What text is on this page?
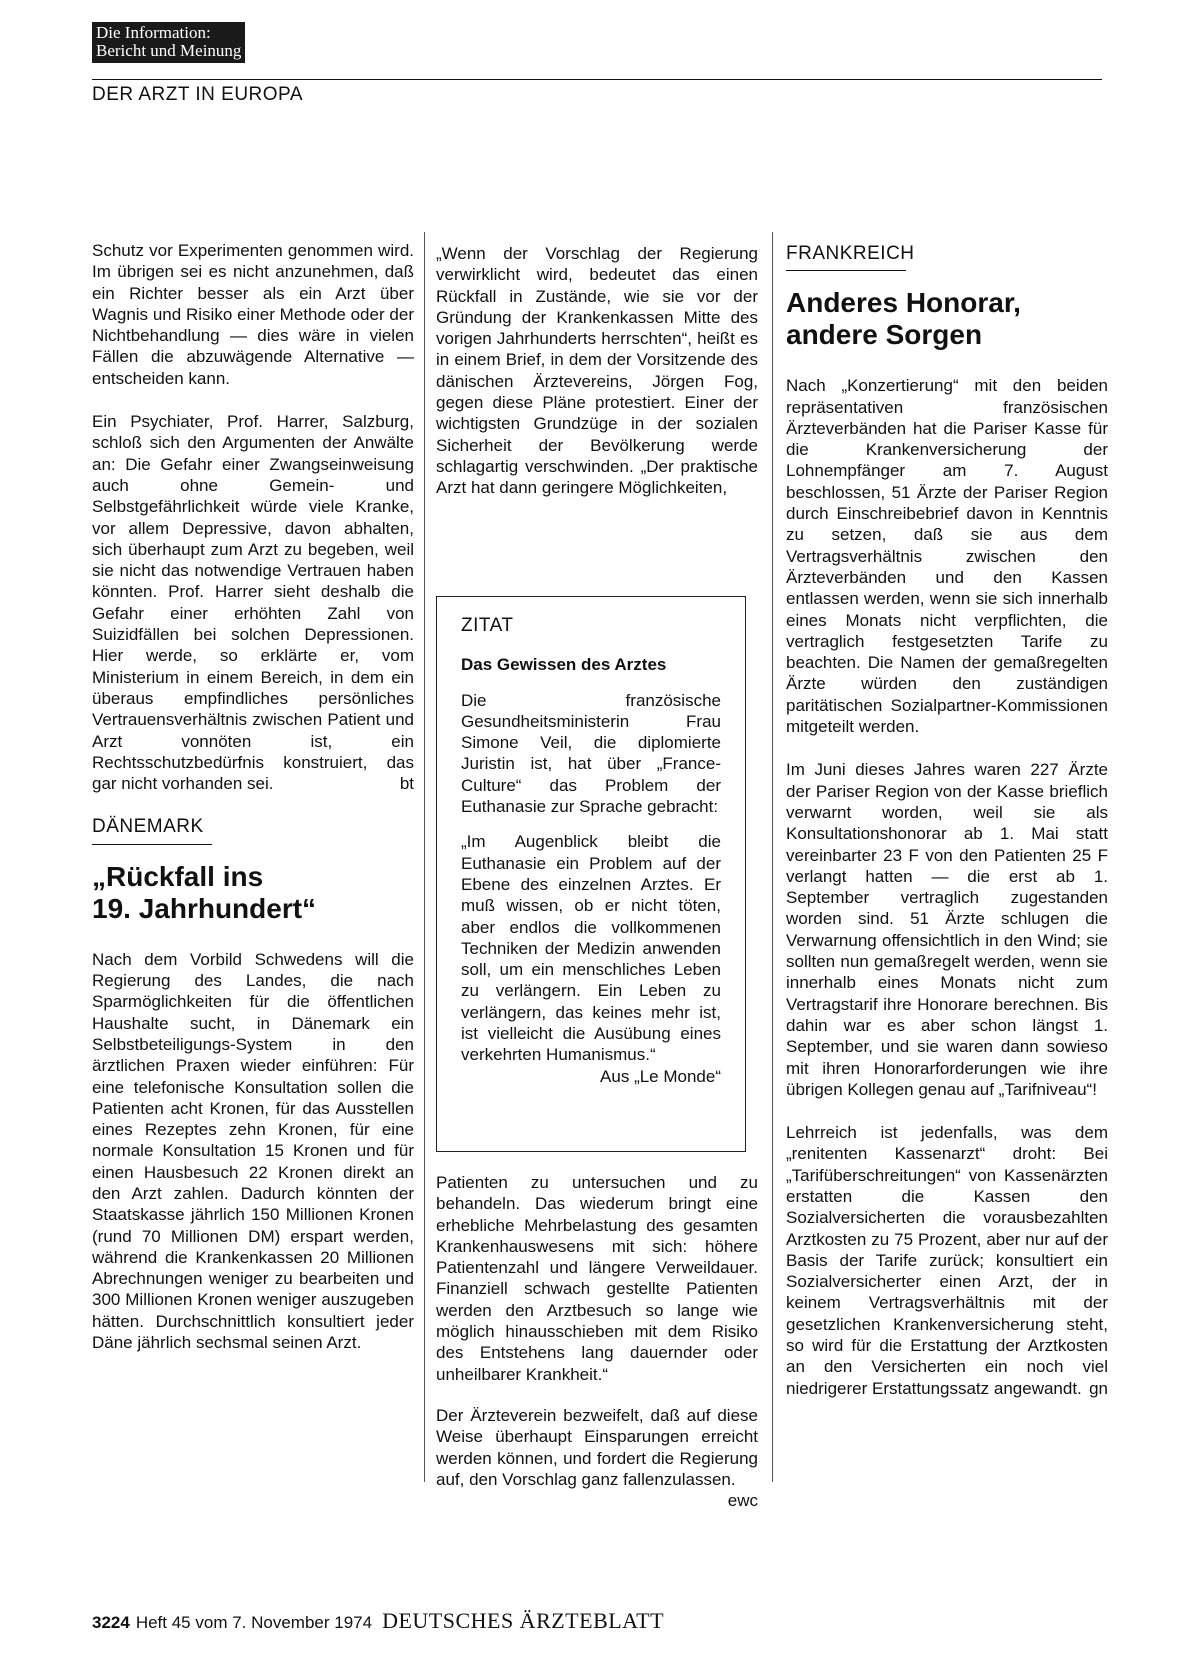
Die Information:
Bericht und Meinung
DER ARZT IN EUROPA

Schutz vor Experimenten genommen wird. Im übrigen sei es nicht anzunehmen, daß ein Richter besser als ein Arzt über Wagnis und Risiko einer Methode oder der Nichtbehandlung — dies wäre in vielen Fällen die abzuwägende Alternative — entscheiden kann.

Ein Psychiater, Prof. Harrer, Salzburg, schloß sich den Argumenten der Anwälte an: Die Gefahr einer Zwangseinweisung auch ohne Gemein- und Selbstgefährlichkeit würde viele Kranke, vor allem Depressive, davon abhalten, sich überhaupt zum Arzt zu begeben, weil sie nicht das notwendige Vertrauen haben könnten. Prof. Harrer sieht deshalb die Gefahr einer erhöhten Zahl von Suizidfällen bei solchen Depressionen. Hier werde, so erklärte er, vom Ministerium in einem Bereich, in dem ein überaus empfindliches persönliches Vertrauensverhältnis zwischen Patient und Arzt vonnöten ist, ein Rechtsschutzbedürfnis konstruiert, das gar nicht vorhanden sei.	bt

DÄNEMARK
„Rückfall ins
19. Jahrhundert“

Nach dem Vorbild Schwedens will die Regierung des Landes, die nach Sparmöglichkeiten für die öffentlichen Haushalte sucht, in Dänemark ein Selbstbeteiligungs-System in den ärztlichen Praxen wieder einführen: Für eine telefonische Konsultation sollen die Patienten acht Kronen, für das Ausstellen eines Rezeptes zehn Kronen, für eine normale Konsultation 15 Kronen und für einen Hausbesuch 22 Kronen direkt an den Arzt zahlen. Dadurch könnten der Staatskasse jährlich 150 Millionen Kronen (rund 70 Millionen DM) erspart werden, während die Krankenkassen 20 Millionen Abrechnungen weniger zu bearbeiten und 300 Millionen Kronen weniger auszugeben hätten. Durchschnittlich konsultiert jeder Däne jährlich sechsmal seinen Arzt.

„Wenn der Vorschlag der Regierung verwirklicht wird, bedeutet das einen Rückfall in Zustände, wie sie vor der Gründung der Krankenkassen Mitte des vorigen Jahrhunderts herrschten“, heißt es in einem Brief, in dem der Vorsitzende des dänischen Ärztevereins, Jörgen Fog, gegen diese Pläne protestiert. Einer der wichtigsten Grundzüge in der sozialen Sicherheit der Bevölkerung werde schlagartig verschwinden. „Der praktische Arzt hat dann geringere Möglichkeiten,

ZITAT
Das Gewissen des Arztes

Die französische Gesundheitsministerin Frau Simone Veil, die diplomierte Juristin ist, hat über „France-Culture“ das Problem der Euthanasie zur Sprache gebracht:

„Im Augenblick bleibt die Euthanasie ein Problem auf der Ebene des einzelnen Arztes. Er muß wissen, ob er nicht töten, aber endlos die vollkommenen Techniken der Medizin anwenden soll, um ein menschliches Leben zu verlängern. Ein Leben zu verlängern, das keines mehr ist, ist vielleicht die Ausübung eines verkehrten Humanismus.“
Aus „Le Monde“

Patienten zu untersuchen und zu behandeln. Das wiederum bringt eine erhebliche Mehrbelastung des gesamten Krankenhauswesens mit sich: höhere Patientenzahl und längere Verweildauer. Finanziell schwach gestellte Patienten werden den Arztbesuch so lange wie möglich hinausschieben mit dem Risiko des Entstehens lang dauernder oder unheilbarer Krankheit.“

Der Ärzteverein bezweifelt, daß auf diese Weise überhaupt Einsparungen erreicht werden können, und fordert die Regierung auf, den Vorschlag ganz fallenzulassen.
ewc

FRANKREICH
Anderes Honorar,
andere Sorgen

Nach „Konzertierung“ mit den beiden repräsentativen französischen Ärzteverbänden hat die Pariser Kasse für die Krankenversicherung der Lohnempfänger am 7. August beschlossen, 51 Ärzte der Pariser Region durch Einschreibebrief davon in Kenntnis zu setzen, daß sie aus dem Vertragsverhältnis zwischen den Ärzteverbänden und den Kassen entlassen werden, wenn sie sich innerhalb eines Monats nicht verpflichten, die vertraglich festgesetzten Tarife zu beachten. Die Namen der gemaßregelten Ärzte würden den zuständigen paritätischen Sozialpartner-Kommissionen mitgeteilt werden.

Im Juni dieses Jahres waren 227 Ärzte der Pariser Region von der Kasse brieflich verwarnt worden, weil sie als Konsultationshonorar ab 1. Mai statt vereinbarter 23 F von den Patienten 25 F verlangt hatten — die erst ab 1. September vertraglich zugestanden worden sind. 51 Ärzte schlugen die Verwarnung offensichtlich in den Wind; sie sollten nun gemaßregelt werden, wenn sie innerhalb eines Monats nicht zum Vertragstarif ihre Honorare berechnen. Bis dahin war es aber schon längst 1. September, und sie waren dann sowieso mit ihren Honorarforderungen wie ihre übrigen Kollegen genau auf „Tarifniveau“!

Lehrreich ist jedenfalls, was dem „renitenten Kassenarzt“ droht: Bei „Tarifüberschreitungen“ von Kassenärzten erstatten die Kassen den Sozialversicherten die vorausbezahlten Arztkosten zu 75 Prozent, aber nur auf der Basis der Tarife zurück; konsultiert ein Sozialversicherter einen Arzt, der in keinem Vertragsverhältnis mit der gesetzlichen Krankenversicherung steht, so wird für die Erstattung der Arztkosten an den Versicherten ein noch viel niedrigerer Erstattungssatz angewandt. gn

3224 Heft 45 vom 7. November 1974 DEUTSCHES ÄRZTEBLATT
